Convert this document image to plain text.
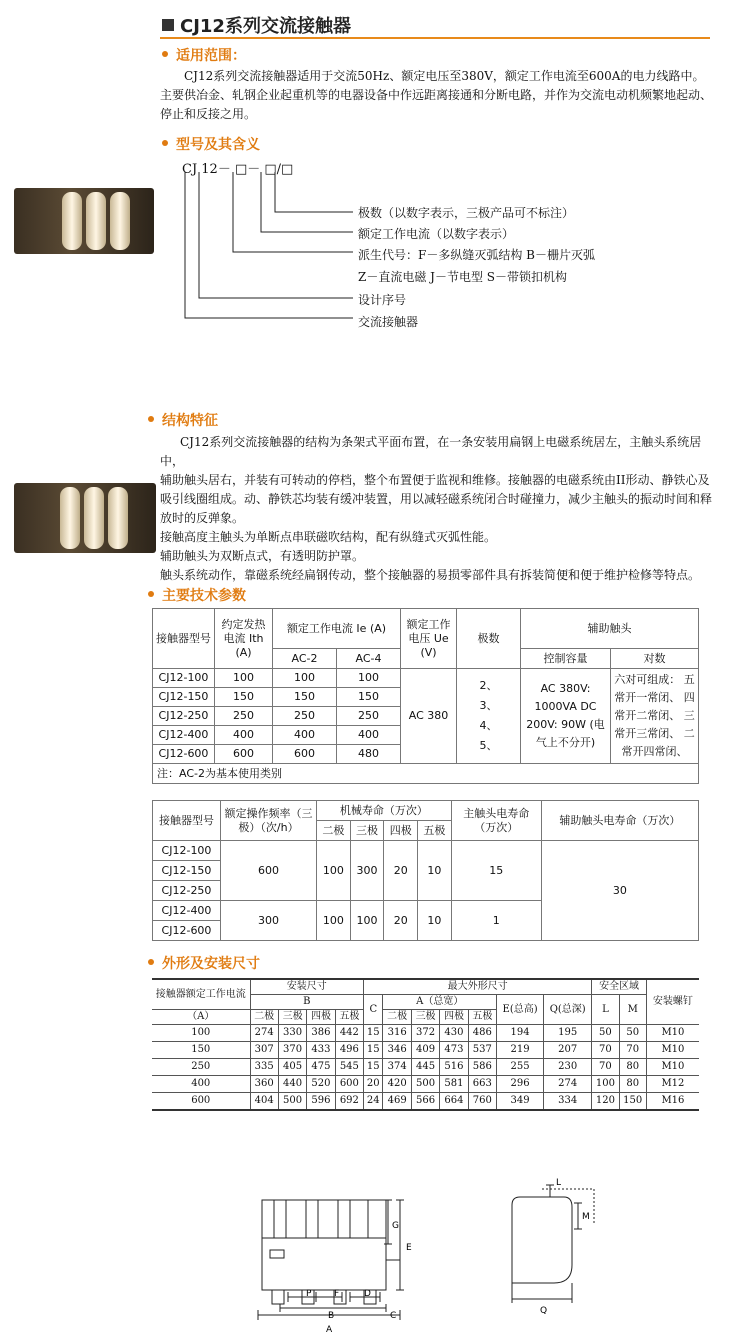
CJ12系列交流接触器
适用范围：
CJ12系列交流接触器适用于交流50Hz、额定电压至380V，额定工作电流至600A的电力线路中。主要供冶金、轧钢企业起重机等的电器设备中作远距离接通和分断电路，并作为交流电动机频繁地起动、停止和反接之用。
型号及其含义
CJ 12－ □－ □/□
极数（以数字表示，三极产品可不标注）
额定工作电流（以数字表示）
派生代号：F－多纵缝灭弧结构 B－栅片灭弧
Z－直流电磁 J－节电型 S－带锁扣机构
设计序号
交流接触器
结构特征
CJ12系列交流接触器的结构为条架式平面布置，在一条安装用扁钢上电磁系统居左，主触头系统居中，
辅助触头居右，并装有可转动的停档，整个布置便于监视和维修。接触器的电磁系统由II形动、静铁心及
吸引线圈组成。动、静铁芯均装有缓冲装置，用以减轻磁系统闭合时碰撞力，减少主触头的振动时间和释
放时的反弹象。
接触高度主触头为单断点串联磁吹结构，配有纵缝式灭弧性能。
辅助触头为双断点式，有透明防护罩。
触头系统动作，靠磁系统经扁钢传动，整个接触器的易损零部件具有拆装简便和便于维护检修等特点。
主要技术参数
接触器型号	约定发热电流 Ith (A)	额定工作电流 Ie (A)		额定工作电压 Ue (V)	极数	辅助触头	
		AC-2	AC-4			控制容量	对数
CJ12-100	100	100	100	AC 380	2、 3、 4、 5、	AC 380V: 1000VA DC 200V: 90W (电气上不分开)	六对可组成： 五常开一常闭、 四常开二常闭、 三常开三常闭、 二常开四常闭、
CJ12-150	150	150	150				
CJ12-250	250	250	250				
CJ12-400	400	400	400				
CJ12-600	600	600	480				
注：AC-2为基本使用类别							
接触器型号	额定操作频率（三极）（次/h）	机械寿命（万次）				主触头电寿命（万次）	辅助触头电寿命（万次）
		二极	三极	四极	五极		
CJ12-100	600	100	300	20	10	15	30
CJ12-150							
CJ12-250							
CJ12-400	300	100	100	20	10	1	
CJ12-600							
外形及安装尺寸
接触器额定工作电流	安装尺寸				最大外形尺寸							安全区域		安装螺钉
	B				C	A（总宽）				E(总高)	Q(总深)	L	M	
（A）	二极	三极	四极	五极		二极	三极	四极	五极					
100	274	330	386	442	15	316	372	430	486	194	195	50	50	M10
150	307	370	433	496	15	346	409	473	537	219	207	70	70	M10
250	335	405	475	545	15	374	445	516	586	255	230	70	80	M10
400	360	440	520	600	20	420	500	581	663	296	274	100	80	M12
600	404	500	596	692	24	469	566	664	760	349	334	120	150	M16
P	F	D
B	C
A
G
E
L
M
Q
